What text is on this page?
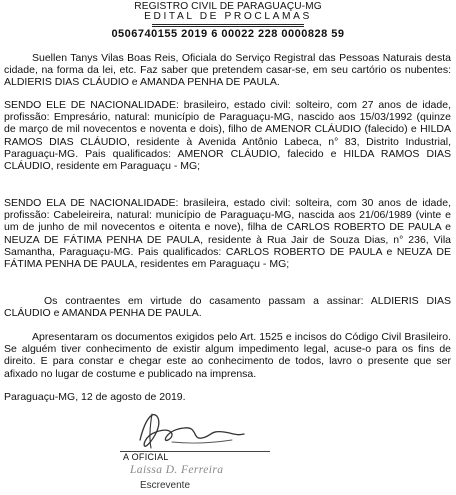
REGISTRO CIVIL DE PARAGUAÇU-MG
EDITAL DE PROCLAMAS
0506740155 2019 6 00022 228 0000828 59

Suellen Tanys Vilas Boas Reis, Oficiala do Serviço Registral das Pessoas Naturais desta cidade, na forma da lei, etc. Faz saber que pretendem casar-se, em seu cartório os nubentes: ALDIERIS DIAS CLÁUDIO e AMANDA PENHA DE PAULA.

SENDO ELE DE NACIONALIDADE: brasileiro, estado civil: solteiro, com 27 anos de idade, profissão: Empresário, natural: município de Paraguaçu-MG, nascido aos 15/03/1992 (quinze de março de mil novecentos e noventa e dois), filho de AMENOR CLÁUDIO (falecido) e HILDA RAMOS DIAS CLÁUDIO, residente à Avenida Antônio Labeca, n° 83, Distrito Industrial, Paraguaçu-MG. Pais qualificados: AMENOR CLÁUDIO, falecido e HILDA RAMOS DIAS CLÁUDIO, residente em Paraguaçu - MG;

SENDO ELA DE NACIONALIDADE: brasileira, estado civil: solteira, com 30 anos de idade, profissão: Cabeleireira, natural: município de Paraguaçu-MG, nascida aos 21/06/1989 (vinte e um de junho de mil novecentos e oitenta e nove), filha de CARLOS ROBERTO DE PAULA e NEUZA DE FÁTIMA PENHA DE PAULA, residente à Rua Jair de Souza Dias, n° 236, Vila Samantha, Paraguaçu-MG. Pais qualificados: CARLOS ROBERTO DE PAULA e NEUZA DE FÁTIMA PENHA DE PAULA, residentes em Paraguaçu - MG;

Os contraentes em virtude do casamento passam a assinar: ALDIERIS DIAS CLÁUDIO e AMANDA PENHA DE PAULA.

Apresentaram os documentos exigidos pelo Art. 1525 e incisos do Código Civil Brasileiro. Se alguém tiver conhecimento de existir algum impedimento legal, acuse-o para os fins de direito. E para constar e chegar este ao conhecimento de todos, lavro o presente que ser afixado no lugar de costume e publicado na imprensa.

Paraguaçu-MG, 12 de agosto de 2019.

A OFICIAL
Laissa D. Ferreira
Escrevente
